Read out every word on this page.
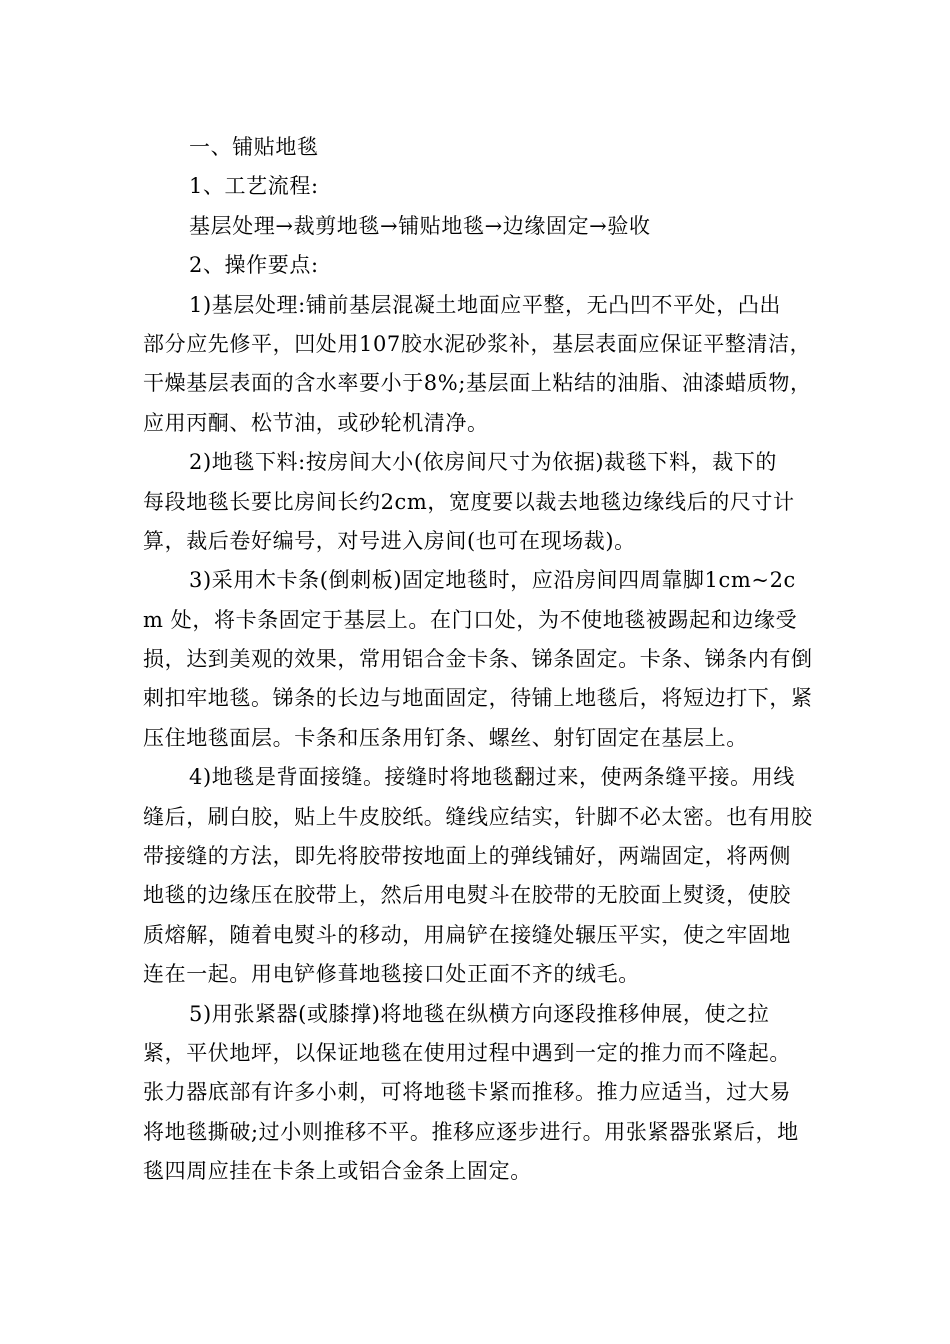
一、铺贴地毯
1、工艺流程:
基层处理→裁剪地毯→铺贴地毯→边缘固定→验收
2、操作要点:
1)基层处理:铺前基层混凝土地面应平整，无凸凹不平处，凸出
部分应先修平，凹处用107胶水泥砂浆补，基层表面应保证平整清洁，
干燥基层表面的含水率要小于8%;基层面上粘结的油脂、油漆蜡质物，
应用丙酮、松节油，或砂轮机清净。
2)地毯下料:按房间大小(依房间尺寸为依据)裁毯下料，裁下的
每段地毯长要比房间长约2cm，宽度要以裁去地毯边缘线后的尺寸计
算，裁后卷好编号，对号进入房间(也可在现场裁)。
3)采用木卡条(倒刺板)固定地毯时，应沿房间四周靠脚1cm~2c
m 处，将卡条固定于基层上。在门口处，为不使地毯被踢起和边缘受
损，达到美观的效果，常用铝合金卡条、锑条固定。卡条、锑条内有倒
刺扣牢地毯。锑条的长边与地面固定，待铺上地毯后，将短边打下，紧
压住地毯面层。卡条和压条用钉条、螺丝、射钉固定在基层上。
4)地毯是背面接缝。接缝时将地毯翻过来，使两条缝平接。用线
缝后，刷白胶，贴上牛皮胶纸。缝线应结实，针脚不必太密。也有用胶
带接缝的方法，即先将胶带按地面上的弹线铺好，两端固定，将两侧
地毯的边缘压在胶带上，然后用电熨斗在胶带的无胶面上熨烫，使胶
质熔解，随着电熨斗的移动，用扁铲在接缝处辗压平实，使之牢固地
连在一起。用电铲修葺地毯接口处正面不齐的绒毛。
5)用张紧器(或膝撑)将地毯在纵横方向逐段推移伸展，使之拉
紧，平伏地坪，以保证地毯在使用过程中遇到一定的推力而不隆起。
张力器底部有许多小刺，可将地毯卡紧而推移。推力应适当，过大易
将地毯撕破;过小则推移不平。推移应逐步进行。用张紧器张紧后，地
毯四周应挂在卡条上或铝合金条上固定。
